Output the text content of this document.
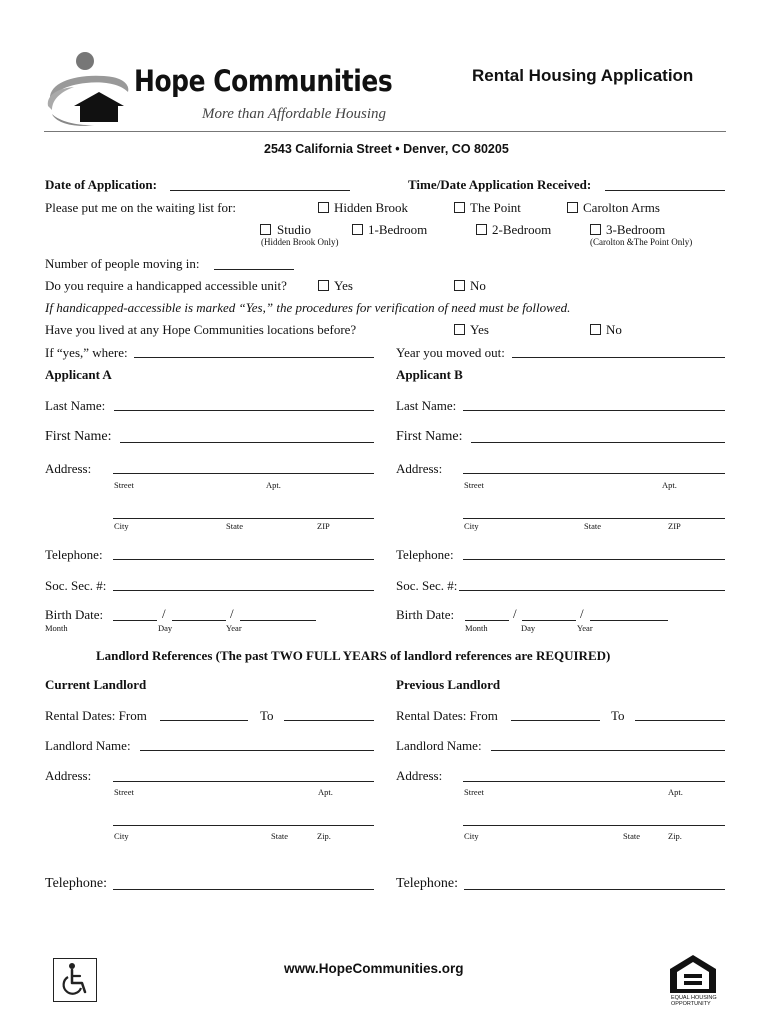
Hope Communities
More than Affordable Housing
Rental Housing Application
2543 California Street • Denver, CO 80205
Date of Application:	Time/Date Application Received:
Please put me on the waiting list for:	Hidden Brook	The Point	Carolton Arms
Studio	1-Bedroom	2-Bedroom	3-Bedroom
(Hidden Brook Only)	(Carolton &The Point Only)
Number of people moving in:
Do you require a handicapped accessible unit?	Yes	No
If handicapped-accessible is marked “Yes,” the procedures for verification of need must be followed.
Have you lived at any Hope Communities locations before?	Yes	No
If “yes,” where:	Year you moved out:
Applicant A	Applicant B
Last Name:
First Name:
Address:
Street	Apt.
City	State	ZIP
Telephone:
Soc. Sec. #:
Birth Date:	/	/
Month	Day	Year
Last Name:
First Name:
Address:
Street	Apt.
City	State	ZIP
Telephone:
Soc. Sec. #:
Birth Date:	/	/
Month	Day	Year
Landlord References (The past TWO FULL YEARS of landlord references are REQUIRED)
Current Landlord	Previous Landlord
Rental Dates: From	To
Landlord Name:
Address:
Street	Apt.
City	State	Zip.
Telephone:
Rental Dates: From	To
Landlord Name:
Address:
Street	Apt.
City	State	Zip.
Telephone:
www.HopeCommunities.org
EQUAL HOUSING
OPPORTUNITY
